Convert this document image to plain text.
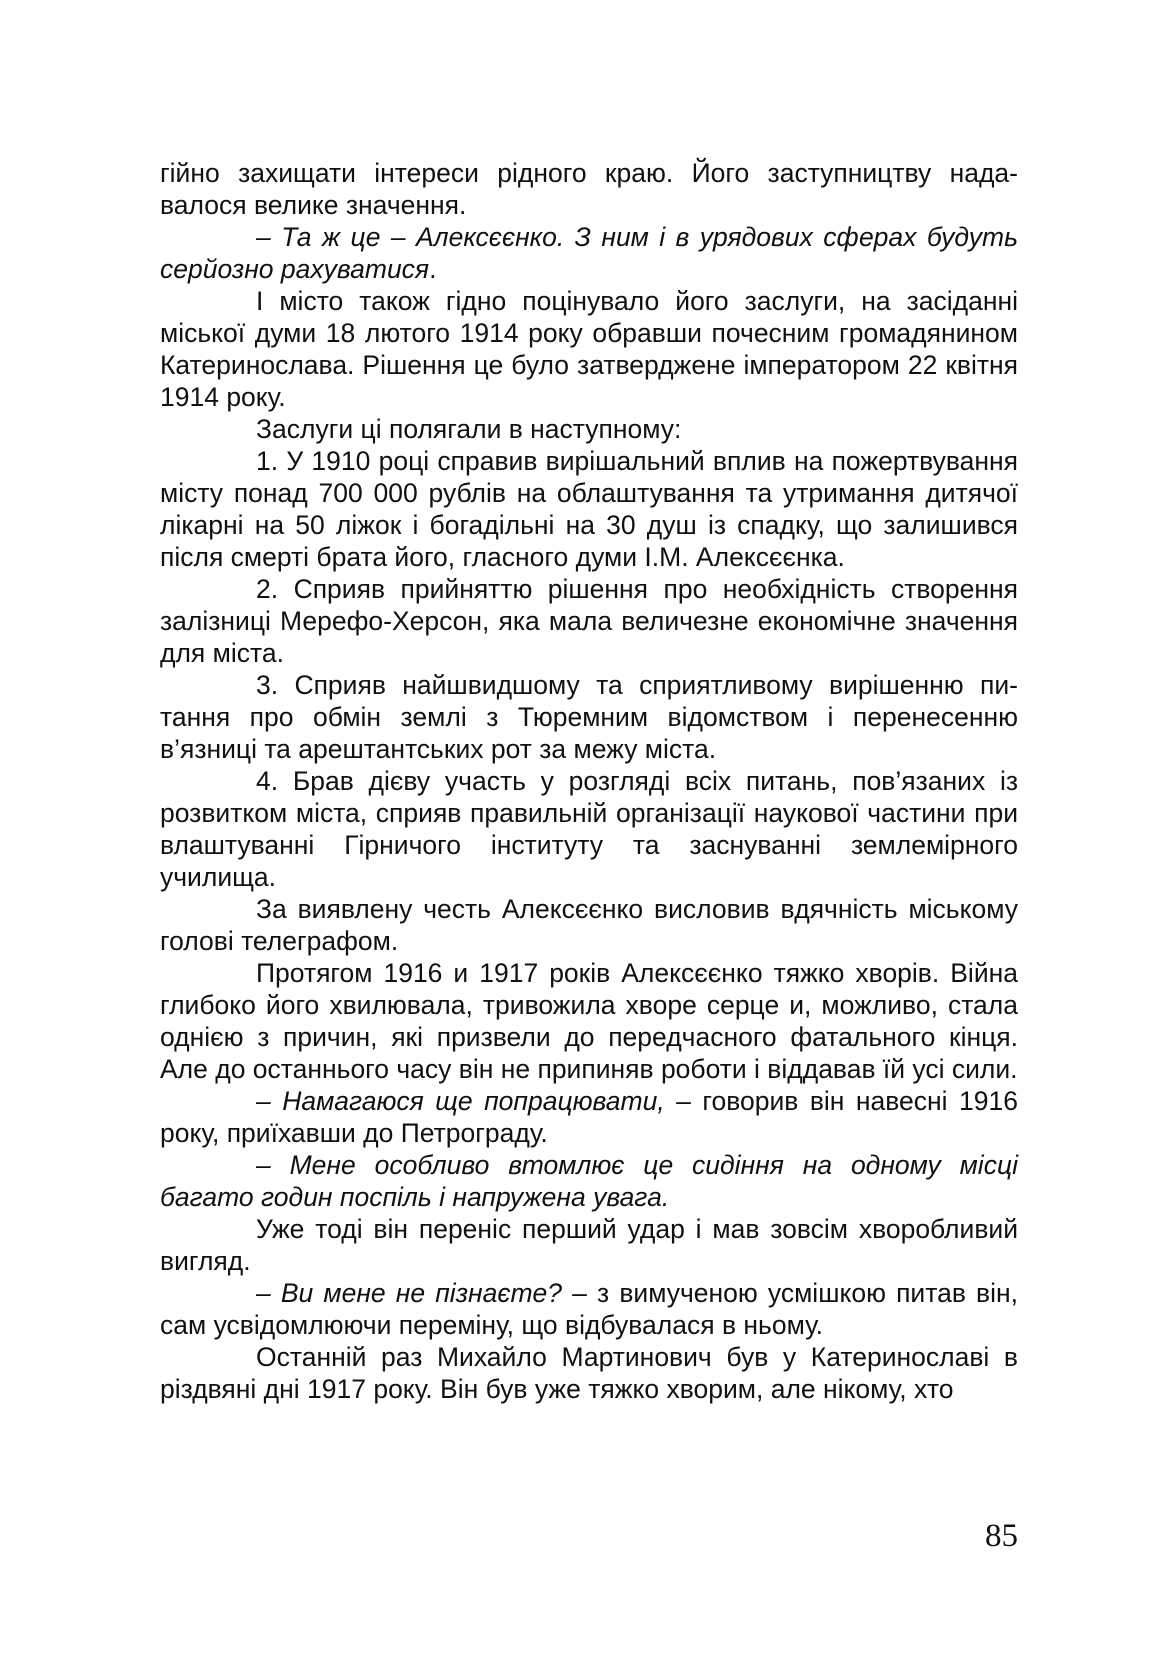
гійно захищати інтереси рідного краю. Його заступництву надавалося велике значення.

– Та ж це – Алексєєнко. З ним і в урядових сферах будуть серйозно рахуватися.

І місто також гідно поцінувало його заслуги, на засіданні міської думи 18 лютого 1914 року обравши почесним громадянином Катеринослава. Рішення це було затверджене імператором 22 квітня 1914 року.

Заслуги ці полягали в наступному:

1. У 1910 році справив вирішальний вплив на пожертвування місту понад 700 000 рублів на облаштування та утримання дитячої лікарні на 50 ліжок і богадільні на 30 душ із спадку, що залишився після смерті брата його, гласного думи І.М. Алексєєнка.

2. Сприяв прийняттю рішення про необхідність створення залізниці Мерефо-Херсон, яка мала величезне економічне значення для міста.

3. Сприяв найшвидшому та сприятливому вирішенню питання про обмін землі з Тюремним відомством і перенесенню в’язниці та арештантських рот за межу міста.

4. Брав дієву участь у розгляді всіх питань, пов’язаних із розвитком міста, сприяв правильній організації наукової частини при влаштуванні Гірничого інституту та заснуванні землемірного училища.

За виявлену честь Алексєєнко висловив вдячність міському голові телеграфом.

Протягом 1916 и 1917 років Алексєєнко тяжко хворів. Війна глибоко його хвилювала, тривожила хворе серце и, можливо, стала однією з причин, які призвели до передчасного фатального кінця. Але до останнього часу він не припиняв роботи і віддавав їй усі сили.

– Намагаюся ще попрацювати, – говорив він навесні 1916 року, приїхавши до Петрограду.

– Мене особливо втомлює це сидіння на одному місці багато годин поспіль і напружена увага.

Уже тоді він переніс перший удар і мав зовсім хворобливий вигляд.

– Ви мене не пізнаєте? – з вимученою усмішкою питав він, сам усвідомлюючи переміну, що відбувалася в ньому.

Останній раз Михайло Мартинович був у Катеринославі в різдвяні дні 1917 року. Він був уже тяжко хворим, але нікому, хто

85
